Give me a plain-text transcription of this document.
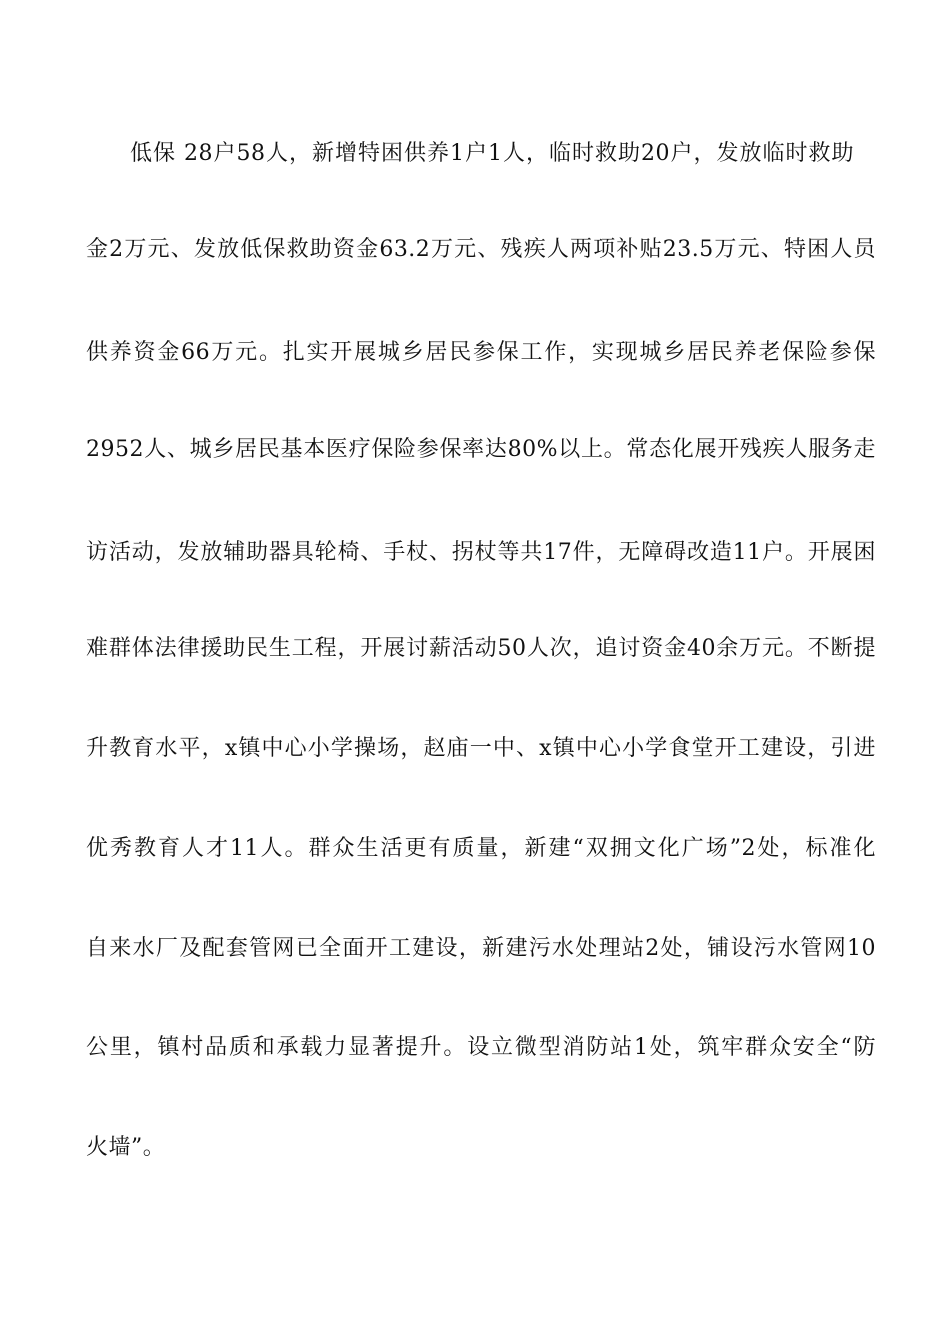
低保 28户58人，新增特困供养1户1人，临时救助20户，发放临时救助
金2万元、发放低保救助资金63.2万元、残疾人两项补贴23.5万元、特困人员
供养资金66万元。扎实开展城乡居民参保工作，实现城乡居民养老保险参保
2952人、城乡居民基本医疗保险参保率达80%以上。常态化展开残疾人服务走
访活动，发放辅助器具轮椅、手杖、拐杖等共17件，无障碍改造11户。开展困
难群体法律援助民生工程，开展讨薪活动50人次，追讨资金40余万元。不断提
升教育水平，x镇中心小学操场，赵庙一中、x镇中心小学食堂开工建设，引进
优秀教育人才11人。群众生活更有质量，新建“双拥文化广场”2处，标准化
自来水厂及配套管网已全面开工建设，新建污水处理站2处，铺设污水管网10
公里，镇村品质和承载力显著提升。设立微型消防站1处，筑牢群众安全“防
火墙”。
